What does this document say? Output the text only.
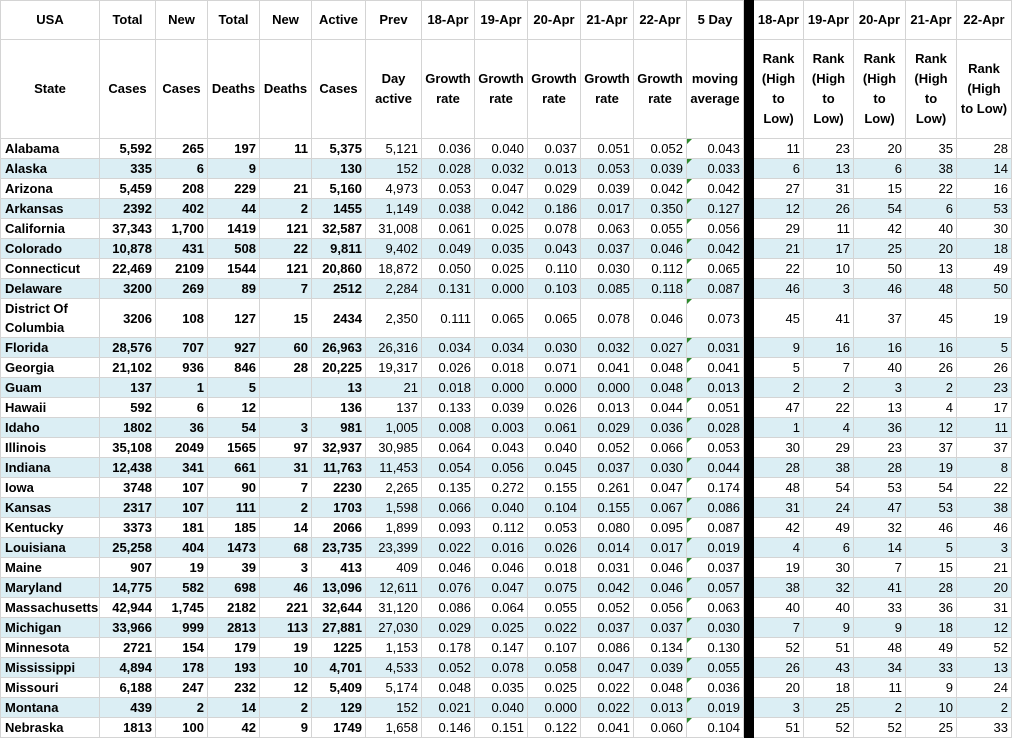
USA	Total	New	Total	New	Active	Prev	18-Apr	19-Apr	20-Apr	21-Apr	22-Apr	5 Day		18-Apr	19-Apr	20-Apr	21-Apr	22-Apr
State	Cases	Cases	Deaths	Deaths	Cases	Day active	Growth rate	Growth rate	Growth rate	Growth rate	Growth rate	moving average		Rank (High to Low)	Rank (High to Low)	Rank (High to Low)	Rank (High to Low)	Rank (High to Low)
Alabama	5,592	265	197	11	5,375	5,121	0.036	0.040	0.037	0.051	0.052	0.043		11	23	20	35	28
Alaska	335	6	9		130	152	0.028	0.032	0.013	0.053	0.039	0.033		6	13	6	38	14
Arizona	5,459	208	229	21	5,160	4,973	0.053	0.047	0.029	0.039	0.042	0.042		27	31	15	22	16
Arkansas	2392	402	44	2	1455	1,149	0.038	0.042	0.186	0.017	0.350	0.127		12	26	54	6	53
California	37,343	1,700	1419	121	32,587	31,008	0.061	0.025	0.078	0.063	0.055	0.056		29	11	42	40	30
Colorado	10,878	431	508	22	9,811	9,402	0.049	0.035	0.043	0.037	0.046	0.042		21	17	25	20	18
Connecticut	22,469	2109	1544	121	20,860	18,872	0.050	0.025	0.110	0.030	0.112	0.065		22	10	50	13	49
Delaware	3200	269	89	7	2512	2,284	0.131	0.000	0.103	0.085	0.118	0.087		46	3	46	48	50
District Of Columbia	3206	108	127	15	2434	2,350	0.111	0.065	0.065	0.078	0.046	0.073		45	41	37	45	19
Florida	28,576	707	927	60	26,963	26,316	0.034	0.034	0.030	0.032	0.027	0.031		9	16	16	16	5
Georgia	21,102	936	846	28	20,225	19,317	0.026	0.018	0.071	0.041	0.048	0.041		5	7	40	26	26
Guam	137	1	5		13	21	0.018	0.000	0.000	0.000	0.048	0.013		2	2	3	2	23
Hawaii	592	6	12		136	137	0.133	0.039	0.026	0.013	0.044	0.051		47	22	13	4	17
Idaho	1802	36	54	3	981	1,005	0.008	0.003	0.061	0.029	0.036	0.028		1	4	36	12	11
Illinois	35,108	2049	1565	97	32,937	30,985	0.064	0.043	0.040	0.052	0.066	0.053		30	29	23	37	37
Indiana	12,438	341	661	31	11,763	11,453	0.054	0.056	0.045	0.037	0.030	0.044		28	38	28	19	8
Iowa	3748	107	90	7	2230	2,265	0.135	0.272	0.155	0.261	0.047	0.174		48	54	53	54	22
Kansas	2317	107	111	2	1703	1,598	0.066	0.040	0.104	0.155	0.067	0.086		31	24	47	53	38
Kentucky	3373	181	185	14	2066	1,899	0.093	0.112	0.053	0.080	0.095	0.087		42	49	32	46	46
Louisiana	25,258	404	1473	68	23,735	23,399	0.022	0.016	0.026	0.014	0.017	0.019		4	6	14	5	3
Maine	907	19	39	3	413	409	0.046	0.046	0.018	0.031	0.046	0.037		19	30	7	15	21
Maryland	14,775	582	698	46	13,096	12,611	0.076	0.047	0.075	0.042	0.046	0.057		38	32	41	28	20
Massachusetts	42,944	1,745	2182	221	32,644	31,120	0.086	0.064	0.055	0.052	0.056	0.063		40	40	33	36	31
Michigan	33,966	999	2813	113	27,881	27,030	0.029	0.025	0.022	0.037	0.037	0.030		7	9	9	18	12
Minnesota	2721	154	179	19	1225	1,153	0.178	0.147	0.107	0.086	0.134	0.130		52	51	48	49	52
Mississippi	4,894	178	193	10	4,701	4,533	0.052	0.078	0.058	0.047	0.039	0.055		26	43	34	33	13
Missouri	6,188	247	232	12	5,409	5,174	0.048	0.035	0.025	0.022	0.048	0.036		20	18	11	9	24
Montana	439	2	14	2	129	152	0.021	0.040	0.000	0.022	0.013	0.019		3	25	2	10	2
Nebraska	1813	100	42	9	1749	1,658	0.146	0.151	0.122	0.041	0.060	0.104		51	52	52	25	33
